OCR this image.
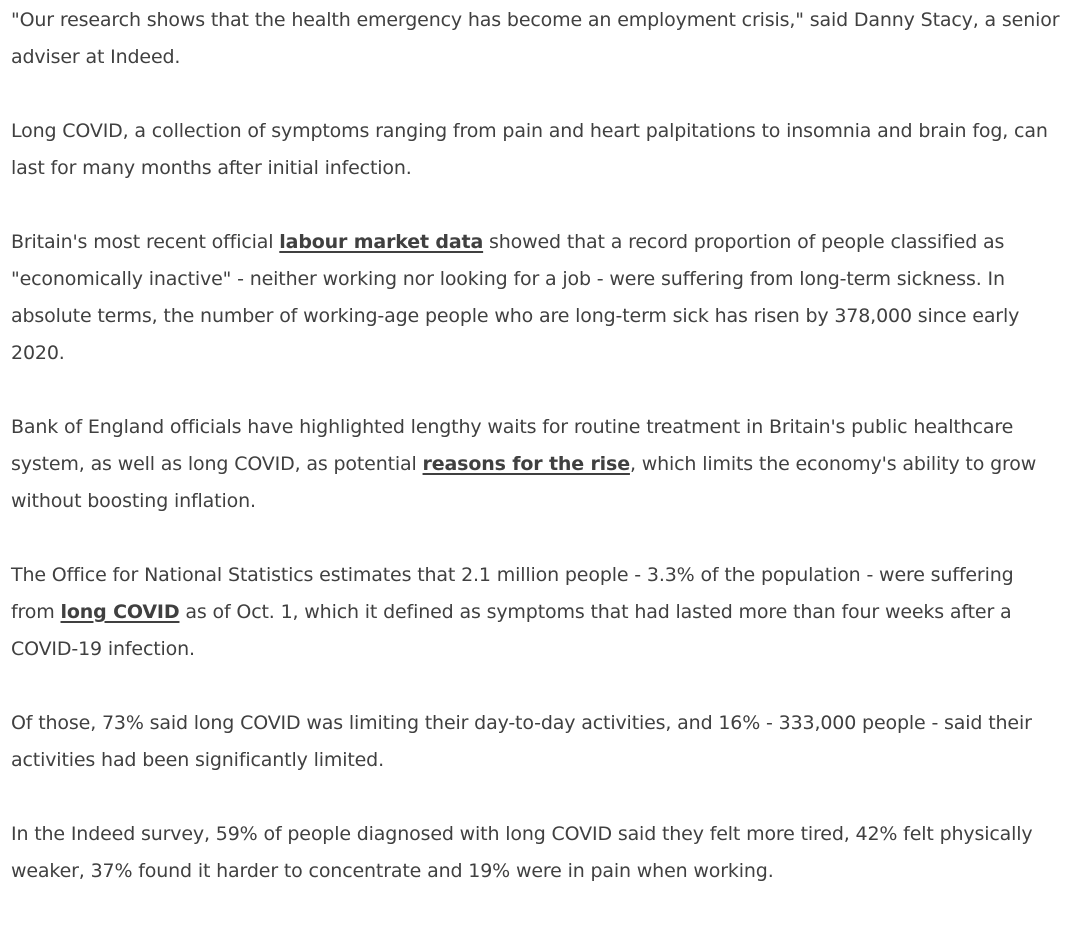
"Our research shows that the health emergency has become an employment crisis," said Danny Stacy, a senior adviser at Indeed.

Long COVID, a collection of symptoms ranging from pain and heart palpitations to insomnia and brain fog, can last for many months after initial infection.

Britain's most recent official labour market data showed that a record proportion of people classified as "economically inactive" - neither working nor looking for a job - were suffering from long-term sickness. In absolute terms, the number of working-age people who are long-term sick has risen by 378,000 since early 2020.

Bank of England officials have highlighted lengthy waits for routine treatment in Britain's public healthcare system, as well as long COVID, as potential reasons for the rise, which limits the economy's ability to grow without boosting inflation.

The Office for National Statistics estimates that 2.1 million people - 3.3% of the population - were suffering from long COVID as of Oct. 1, which it defined as symptoms that had lasted more than four weeks after a COVID-19 infection.

Of those, 73% said long COVID was limiting their day-to-day activities, and 16% - 333,000 people - said their activities had been significantly limited.

In the Indeed survey, 59% of people diagnosed with long COVID said they felt more tired, 42% felt physically weaker, 37% found it harder to concentrate and 19% were in pain when working.
